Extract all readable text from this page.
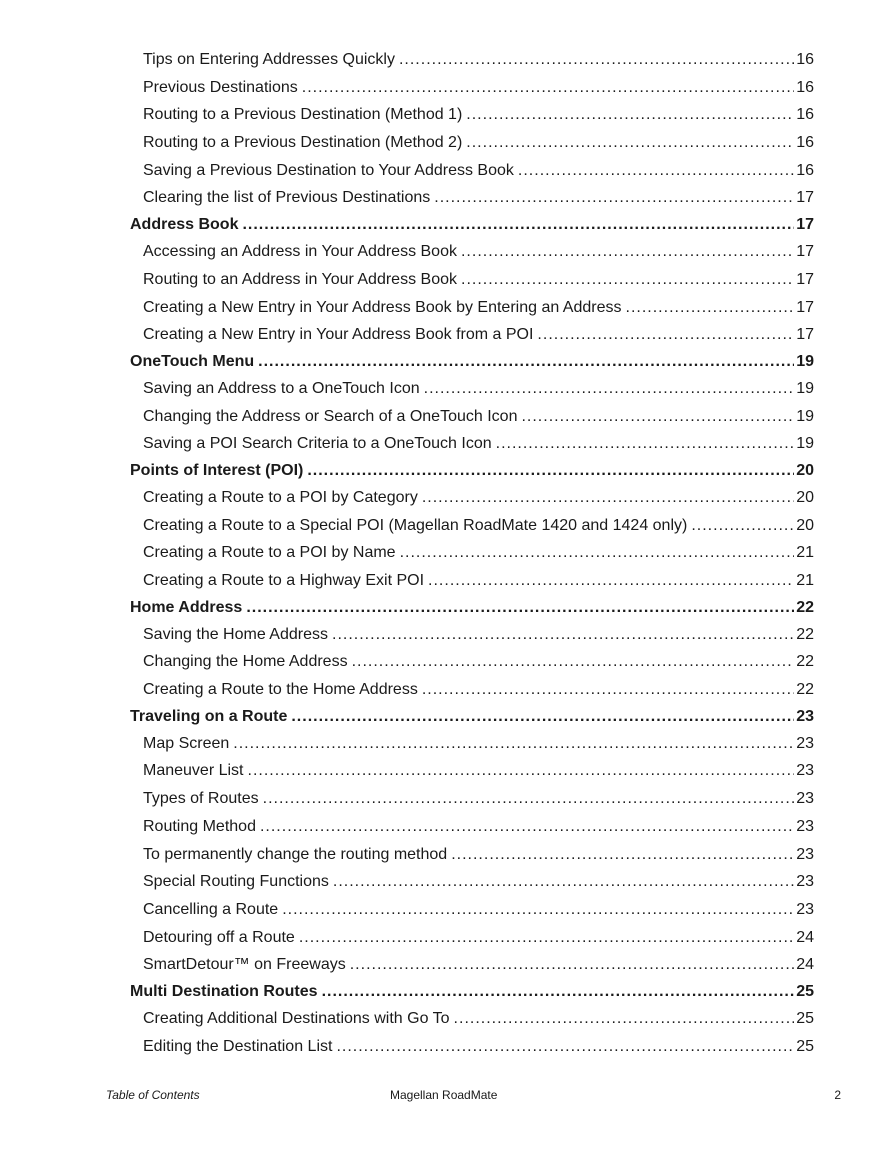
Tips on Entering Addresses Quickly .....	16
Previous Destinations .....	16
Routing to a Previous Destination (Method 1) .....	16
Routing to a Previous Destination (Method 2) .....	16
Saving a Previous Destination to Your Address Book .....	16
Clearing the list of Previous Destinations .....	17
Address Book .....	17
Accessing an Address in Your Address Book .....	17
Routing to an Address in Your Address Book .....	17
Creating a New Entry in Your Address Book by Entering an Address .....	17
Creating a New Entry in Your Address Book from a POI .....	17
OneTouch Menu .....	19
Saving an Address to a OneTouch Icon .....	19
Changing the Address or Search of a OneTouch Icon .....	19
Saving a POI Search Criteria to a OneTouch Icon .....	19
Points of Interest (POI) .....	20
Creating a Route to a POI by Category .....	20
Creating a Route to a Special POI (Magellan RoadMate 1420 and 1424 only) .....	20
Creating a Route to a POI by Name .....	21
Creating a Route to a Highway Exit POI .....	21
Home Address .....	22
Saving the Home Address .....	22
Changing the Home Address .....	22
Creating a Route to the Home Address .....	22
Traveling on a Route .....	23
Map Screen .....	23
Maneuver List .....	23
Types of Routes .....	23
Routing Method .....	23
To permanently change the routing method .....	23
Special Routing Functions .....	23
Cancelling a Route .....	23
Detouring off a Route .....	24
SmartDetour™ on Freeways .....	24
Multi Destination Routes .....	25
Creating Additional Destinations with Go To .....	25
Editing the Destination List .....	25
Table of Contents	Magellan RoadMate	2
